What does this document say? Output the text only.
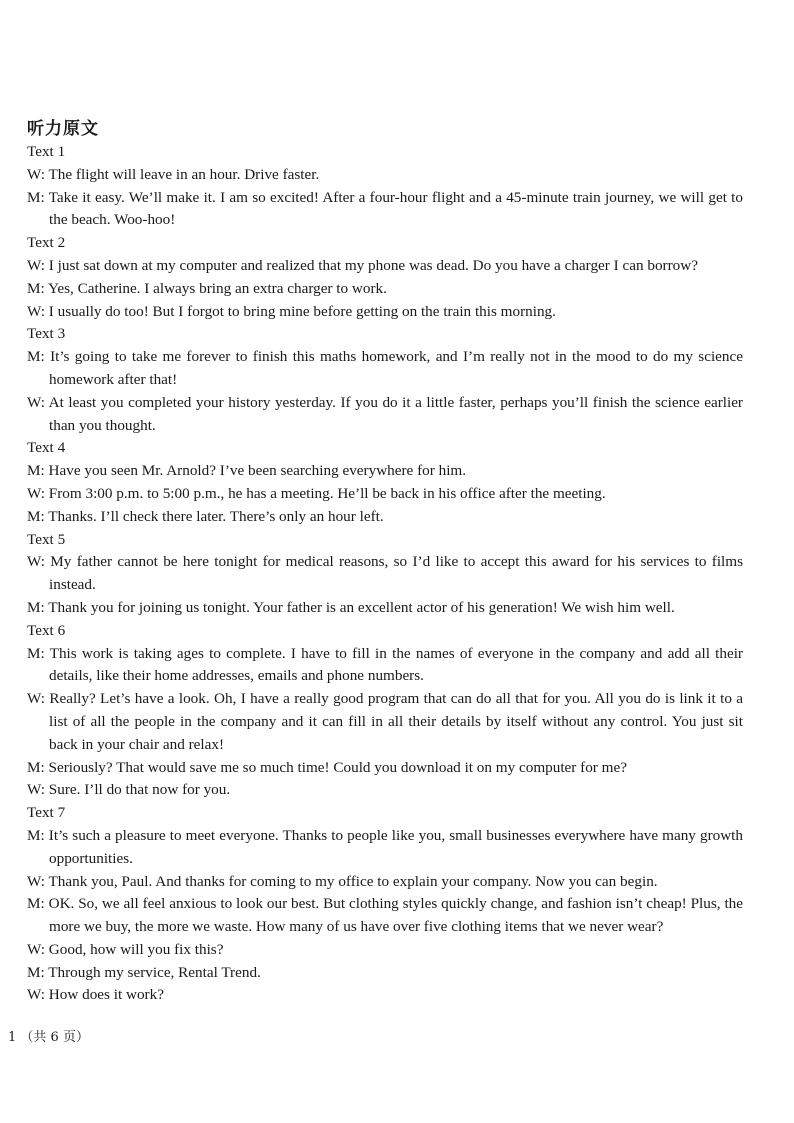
听力原文

Text 1

W: The flight will leave in an hour. Drive faster.

M: Take it easy. We’ll make it. I am so excited! After a four-hour flight and a 45-minute train journey, we will get to the beach. Woo-hoo!

Text 2

W: I just sat down at my computer and realized that my phone was dead. Do you have a charger I can borrow?

M: Yes, Catherine. I always bring an extra charger to work.

W: I usually do too! But I forgot to bring mine before getting on the train this morning.

Text 3

M: It’s going to take me forever to finish this maths homework, and I’m really not in the mood to do my science homework after that!

W: At least you completed your history yesterday. If you do it a little faster, perhaps you’ll finish the science earlier than you thought.

Text 4

M: Have you seen Mr. Arnold? I’ve been searching everywhere for him.

W: From 3:00 p.m. to 5:00 p.m., he has a meeting. He’ll be back in his office after the meeting.

M: Thanks. I’ll check there later. There’s only an hour left.

Text 5

W: My father cannot be here tonight for medical reasons, so I’d like to accept this award for his services to films instead.

M: Thank you for joining us tonight. Your father is an excellent actor of his generation! We wish him well.

Text 6

M: This work is taking ages to complete. I have to fill in the names of everyone in the company and add all their details, like their home addresses, emails and phone numbers.

W: Really? Let’s have a look. Oh, I have a really good program that can do all that for you. All you do is link it to a list of all the people in the company and it can fill in all their details by itself without any control. You just sit back in your chair and relax!

M: Seriously? That would save me so much time! Could you download it on my computer for me?

W: Sure. I’ll do that now for you.

Text 7

M: It’s such a pleasure to meet everyone. Thanks to people like you, small businesses everywhere have many growth opportunities.

W: Thank you, Paul. And thanks for coming to my office to explain your company. Now you can begin.

M: OK. So, we all feel anxious to look our best. But clothing styles quickly change, and fashion isn’t cheap! Plus, the more we buy, the more we waste. How many of us have over five clothing items that we never wear?

W: Good, how will you fix this?

M: Through my service, Rental Trend.

W: How does it work?

1 （共 6 页）
